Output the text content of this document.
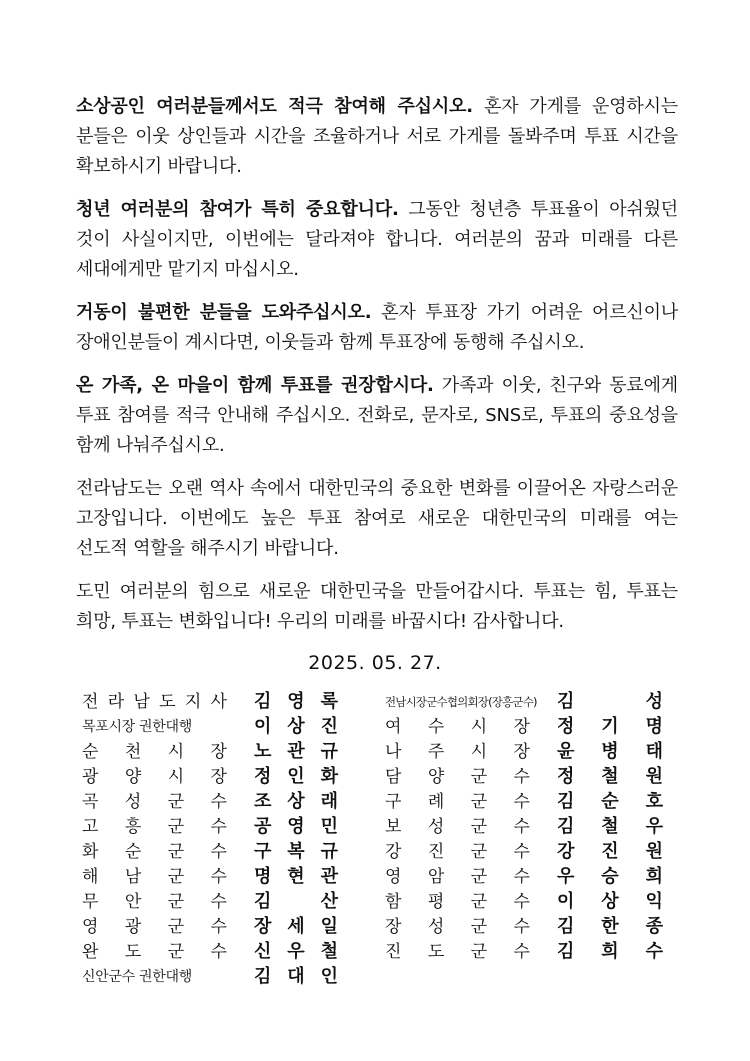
소상공인 여러분들께서도 적극 참여해 주십시오. 혼자 가게를 운영하시는 분들은 이웃 상인들과 시간을 조율하거나 서로 가게를 돌봐주며 투표 시간을 확보하시기 바랍니다.

청년 여러분의 참여가 특히 중요합니다. 그동안 청년층 투표율이 아쉬웠던 것이 사실이지만, 이번에는 달라져야 합니다. 여러분의 꿈과 미래를 다른 세대에게만 맡기지 마십시오.

거동이 불편한 분들을 도와주십시오. 혼자 투표장 가기 어려운 어르신이나 장애인분들이 계시다면, 이웃들과 함께 투표장에 동행해 주십시오.

온 가족, 온 마을이 함께 투표를 권장합시다. 가족과 이웃, 친구와 동료에게 투표 참여를 적극 안내해 주십시오. 전화로, 문자로, SNS로, 투표의 중요성을 함께 나눠주십시오.

전라남도는 오랜 역사 속에서 대한민국의 중요한 변화를 이끌어온 자랑스러운 고장입니다. 이번에도 높은 투표 참여로 새로운 대한민국의 미래를 여는 선도적 역할을 해주시기 바랍니다.

도민 여러분의 힘으로 새로운 대한민국을 만들어갑시다. 투표는 힘, 투표는 희망, 투표는 변화입니다! 우리의 미래를 바꿉시다! 감사합니다.

2025. 05. 27.
전 라 남 도 지 사 김 영 록
목포시장 권한대행	이 상 진
순 천 시 장 노 관 규
광 양 시 장 정 인 화
곡 성 군 수 조 상 래
고 흥 군 수 공 영 민
화 순 군 수 구 복 규
해 남 군 수 명 현 관
무 안 군 수 김	산
영 광 군 수 장 세 일
완 도 군 수 신 우 철
신안군수 권한대행	김 대 인
전남시장군수협의회장(장흥군수) 김	성
여 수 시 장 정 기 명
나 주 시 장 윤 병 태
담 양 군 수 정 철 원
구 례 군 수 김 순 호
보 성 군 수 김 철 우
강 진 군 수 강 진 원
영 암 군 수 우 승 희
함 평 군 수 이 상 익
장 성 군 수 김 한 종
진 도 군 수 김 희 수
